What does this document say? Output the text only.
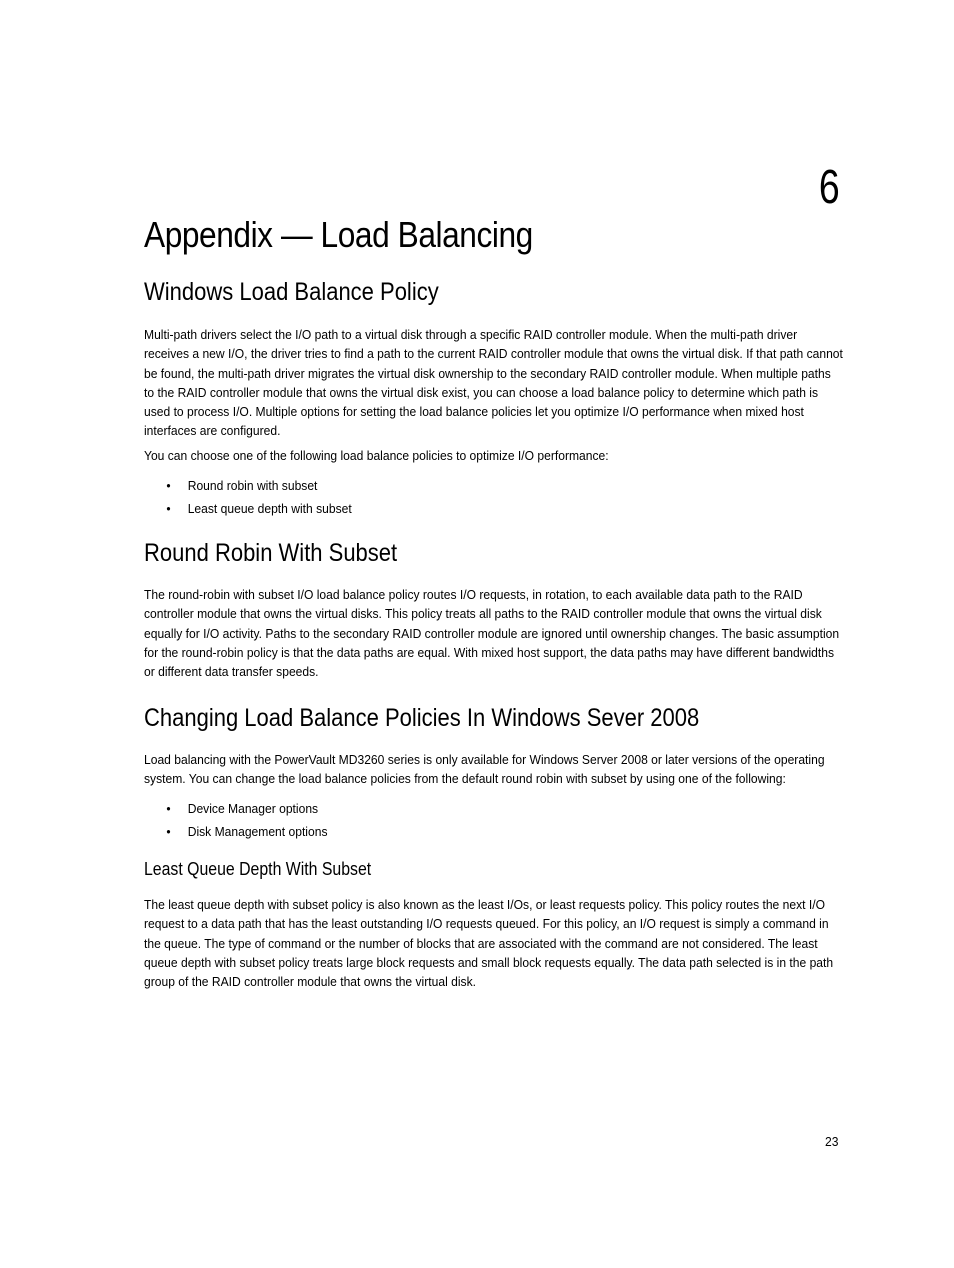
6
Appendix — Load Balancing
Windows Load Balance Policy

Multi-path drivers select the I/O path to a virtual disk through a specific RAID controller module. When the multi-path driver receives a new I/O, the driver tries to find a path to the current RAID controller module that owns the virtual disk. If that path cannot be found, the multi-path driver migrates the virtual disk ownership to the secondary RAID controller module. When multiple paths to the RAID controller module that owns the virtual disk exist, you can choose a load balance policy to determine which path is used to process I/O. Multiple options for setting the load balance policies let you optimize I/O performance when mixed host interfaces are configured.

You can choose one of the following load balance policies to optimize I/O performance:

• Round robin with subset
• Least queue depth with subset
Round Robin With Subset

The round-robin with subset I/O load balance policy routes I/O requests, in rotation, to each available data path to the RAID controller module that owns the virtual disks. This policy treats all paths to the RAID controller module that owns the virtual disk equally for I/O activity. Paths to the secondary RAID controller module are ignored until ownership changes. The basic assumption for the round-robin policy is that the data paths are equal. With mixed host support, the data paths may have different bandwidths or different data transfer speeds.

Changing Load Balance Policies In Windows Sever 2008

Load balancing with the PowerVault MD3260 series is only available for Windows Server 2008 or later versions of the operating system. You can change the load balance policies from the default round robin with subset by using one of the following:

• Device Manager options
• Disk Management options
Least Queue Depth With Subset

The least queue depth with subset policy is also known as the least I/Os, or least requests policy. This policy routes the next I/O request to a data path that has the least outstanding I/O requests queued. For this policy, an I/O request is simply a command in the queue. The type of command or the number of blocks that are associated with the command are not considered. The least queue depth with subset policy treats large block requests and small block requests equally. The data path selected is in the path group of the RAID controller module that owns the virtual disk.

23
